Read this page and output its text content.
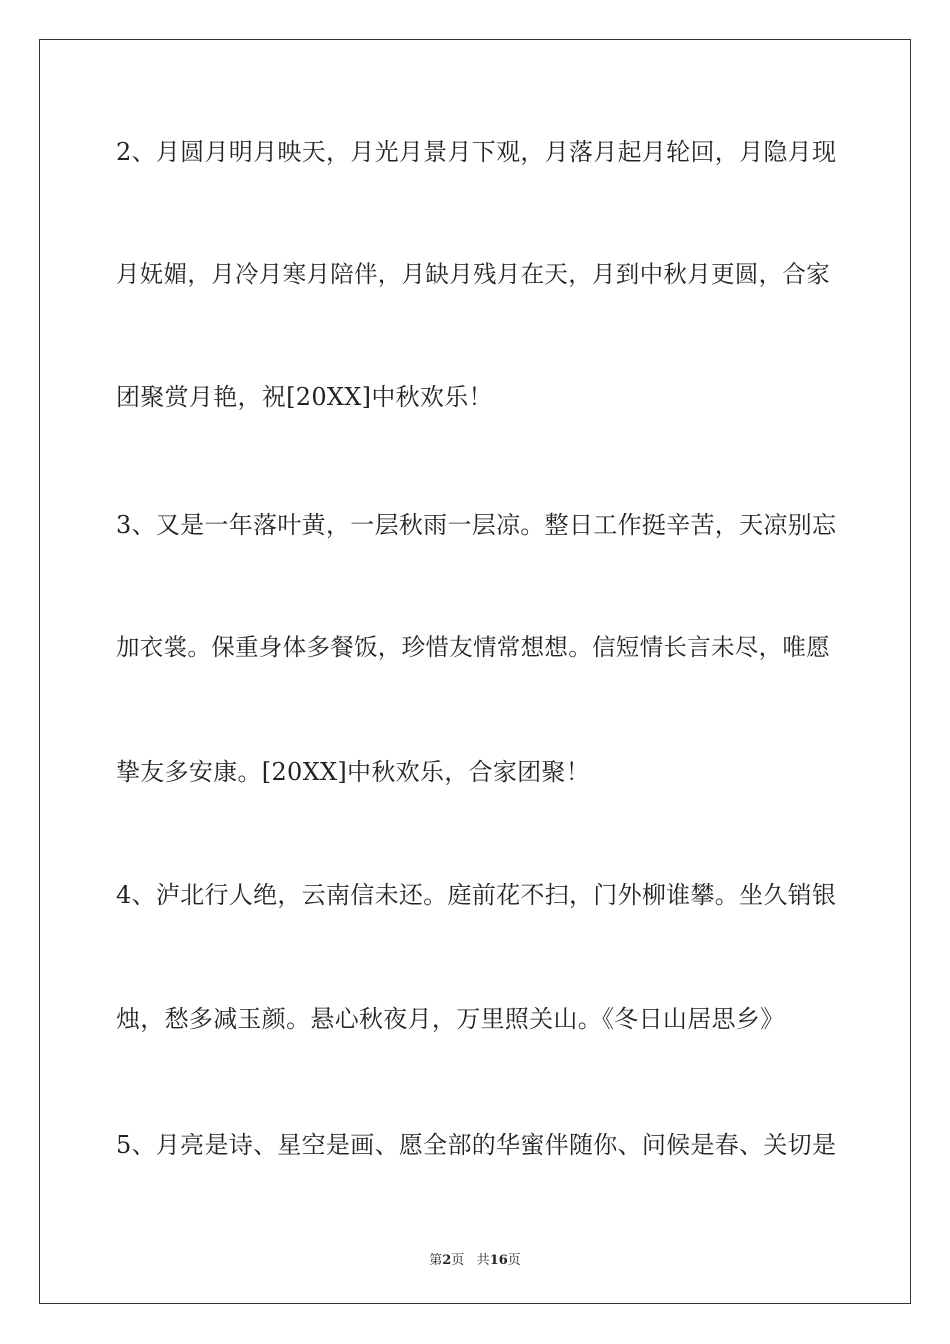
2、月圆月明月映天，月光月景月下观，月落月起月轮回，月隐月现
月妩媚，月冷月寒月陪伴，月缺月残月在天，月到中秋月更圆，合家
团聚赏月艳，祝[20XX]中秋欢乐！
3、又是一年落叶黄，一层秋雨一层凉。整日工作挺辛苦，天凉别忘
加衣裳。保重身体多餐饭，珍惜友情常想想。信短情长言未尽，唯愿
挚友多安康。[20XX]中秋欢乐，合家团聚！
4、泸北行人绝，云南信未还。庭前花不扫，门外柳谁攀。坐久销银
烛，愁多减玉颜。悬心秋夜月，万里照关山。《冬日山居思乡》
5、月亮是诗、星空是画、愿全部的华蜜伴随你、问候是春、关切是
第2页 共16页
